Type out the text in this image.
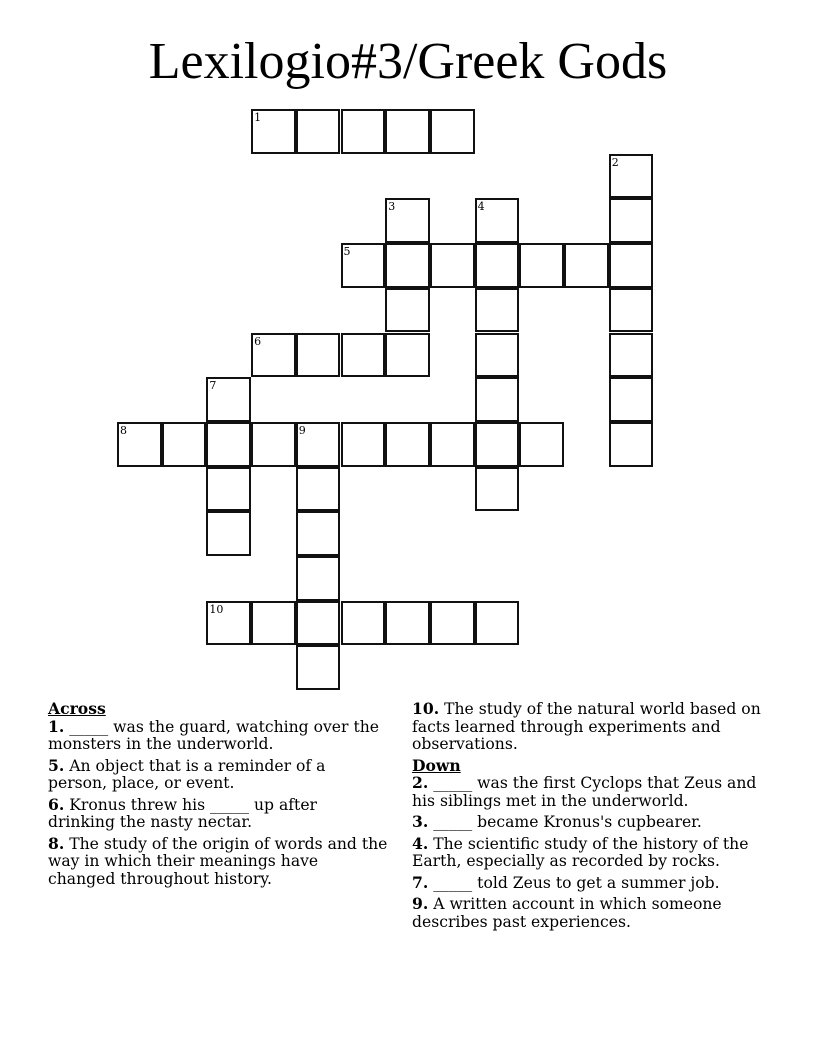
Lexilogio#3/Greek Gods
1
2
3	4
5
6
7
8	9
10

Across

1. _____ was the guard, watching over the monsters in the underworld.

5. An object that is a reminder of a person, place, or event.

6. Kronus threw his _____ up after drinking the nasty nectar.

8. The study of the origin of words and the way in which their meanings have changed throughout history.

10. The study of the natural world based on facts learned through experiments and observations.

Down

2. _____ was the first Cyclops that Zeus and his siblings met in the underworld.

3. _____ became Kronus's cupbearer.

4. The scientific study of the history of the Earth, especially as recorded by rocks.

7. _____ told Zeus to get a summer job.

9. A written account in which someone describes past experiences.
